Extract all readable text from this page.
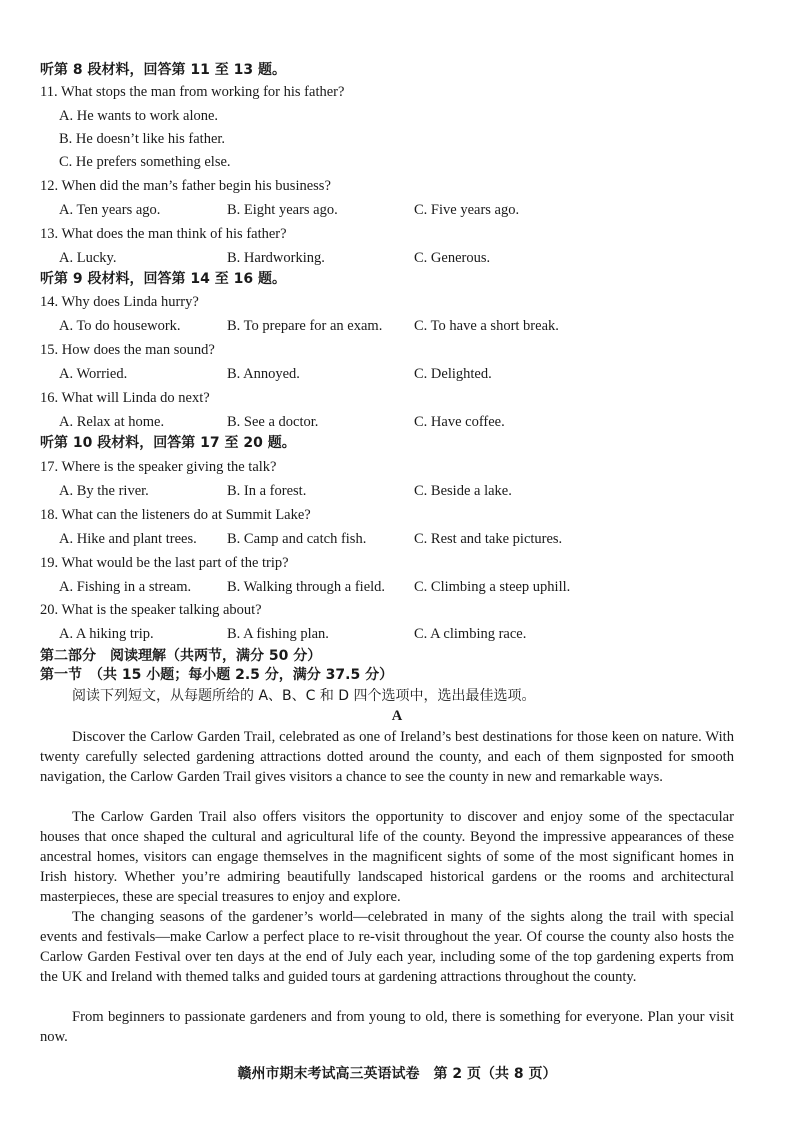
听第 8 段材料，回答第 11 至 13 题。
11. What stops the man from working for his father?
A. He wants to work alone.
B. He doesn’t like his father.
C. He prefers something else.
12. When did the man’s father begin his business?
A. Ten years ago.	B. Eight years ago.	C. Five years ago.
13. What does the man think of his father?
A. Lucky.	B. Hardworking.	C. Generous.
听第 9 段材料，回答第 14 至 16 题。
14. Why does Linda hurry?
A. To do housework.	B. To prepare for an exam. C. To have a short break.
15. How does the man sound?
A. Worried.	B. Annoyed.	C. Delighted.
16. What will Linda do next?
A. Relax at home.	B. See a doctor.	C. Have coffee.
听第 10 段材料，回答第 17 至 20 题。
17. Where is the speaker giving the talk?
A. By the river.	B. In a forest.	C. Beside a lake.
18. What can the listeners do at Summit Lake?
A. Hike and plant trees. B. Camp and catch fish.	C. Rest and take pictures.
19. What would be the last part of the trip?
A. Fishing in a stream. B. Walking through a field. C. Climbing a steep uphill.
20. What is the speaker talking about?
A. A hiking trip.	B. A fishing plan.	C. A climbing race.
第二部分　阅读理解（共两节，满分 50 分）
第一节　（共 15 小题；每小题 2.5 分，满分 37.5 分）
阅读下列短文，从每题所给的 A、B、C 和 D 四个选项中，选出最佳选项。
A
Discover the Carlow Garden Trail, celebrated as one of Ireland’s best destinations for those keen on nature. With twenty carefully selected gardening attractions dotted around the county, and each of them signposted for smooth navigation, the Carlow Garden Trail gives visitors a chance to see the county in new and remarkable ways.
The Carlow Garden Trail also offers visitors the opportunity to discover and enjoy some of the spectacular houses that once shaped the cultural and agricultural life of the county. Beyond the impressive appearances of these ancestral homes, visitors can engage themselves in the magnificent sights of some of the most significant homes in Irish history. Whether you’re admiring beautifully landscaped historical gardens or the rooms and architectural masterpieces, these are special treasures to enjoy and explore.
The changing seasons of the gardener’s world—celebrated in many of the sights along the trail with special events and festivals—make Carlow a perfect place to re-visit throughout the year. Of course the county also hosts the Carlow Garden Festival over ten days at the end of July each year, including some of the top gardening experts from the UK and Ireland with themed talks and guided tours at gardening attractions throughout the county.
From beginners to passionate gardeners and from young to old, there is something for everyone. Plan your visit now.
赣州市期末考试高三英语试卷　第 2 页（共 8 页）
